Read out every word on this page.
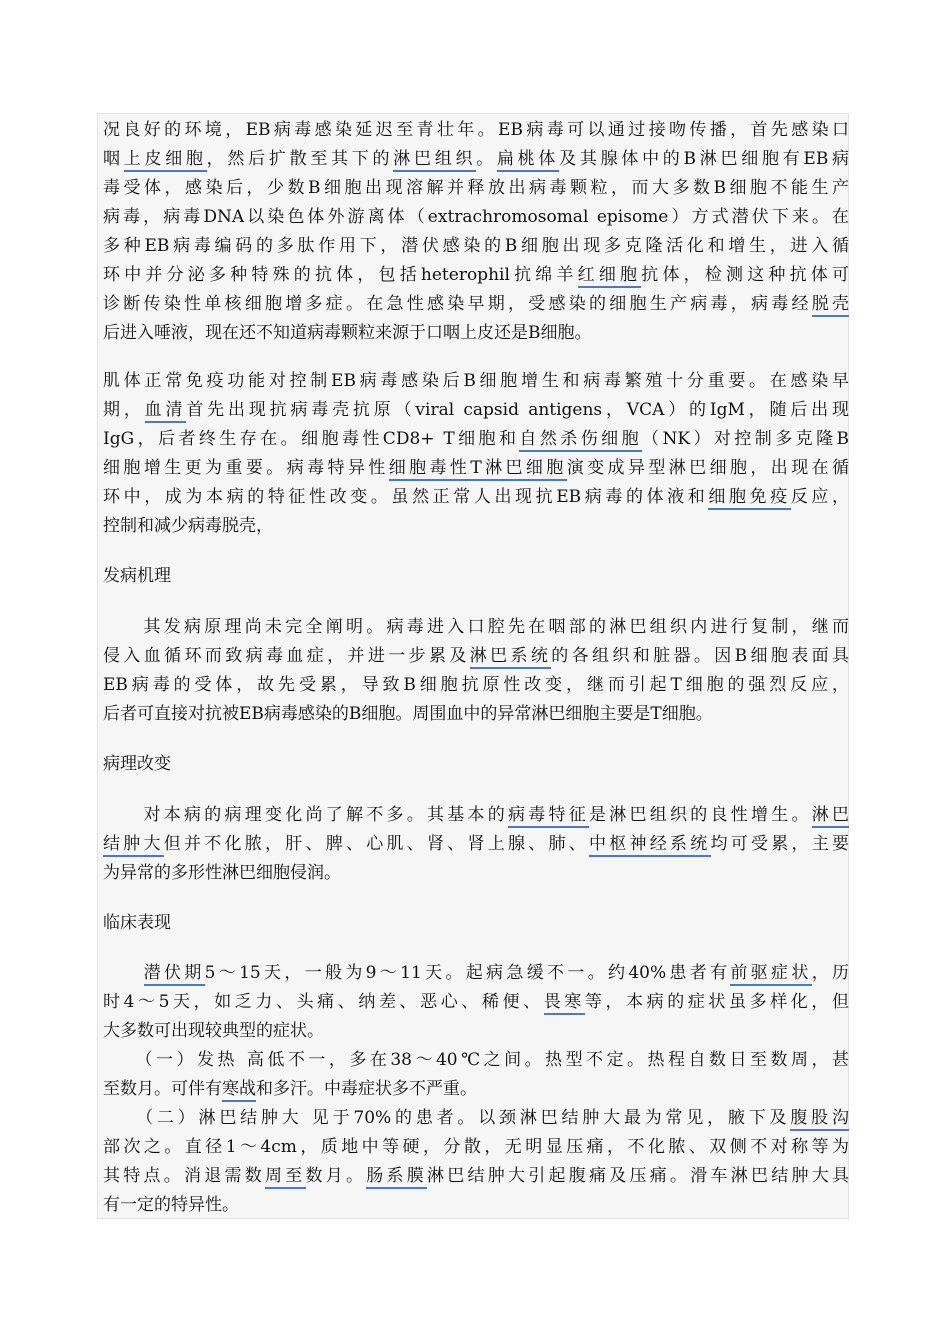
况良好的环境，EB病毒感染延迟至青壮年。EB病毒可以通过接吻传播，首先感染口
咽上皮细胞，然后扩散至其下的淋巴组织。扁桃体及其腺体中的B淋巴细胞有EB病
毒受体，感染后，少数B细胞出现溶解并释放出病毒颗粒，而大多数B细胞不能生产
病毒，病毒DNA以染色体外游离体（extrachromosomal episome）方式潜伏下来。在
多种EB病毒编码的多肽作用下，潜伏感染的B细胞出现多克隆活化和增生，进入循
环中并分泌多种特殊的抗体，包括heterophil抗绵羊红细胞抗体，检测这种抗体可
诊断传染性单核细胞增多症。在急性感染早期，受感染的细胞生产病毒，病毒经脱壳
后进入唾液，现在还不知道病毒颗粒来源于口咽上皮还是B细胞。
肌体正常免疫功能对控制EB病毒感染后B细胞增生和病毒繁殖十分重要。在感染早
期，血清首先出现抗病毒壳抗原（viral capsid antigens，VCA）的IgM，随后出现
IgG，后者终生存在。细胞毒性CD8+ T细胞和自然杀伤细胞（NK）对控制多克隆B
细胞增生更为重要。病毒特异性细胞毒性T淋巴细胞演变成异型淋巴细胞，出现在循
环中，成为本病的特征性改变。虽然正常人出现抗EB病毒的体液和细胞免疫反应，
控制和减少病毒脱壳，
发病机理
　　其发病原理尚未完全阐明。病毒进入口腔先在咽部的淋巴组织内进行复制，继而
侵入血循环而致病毒血症，并进一步累及淋巴系统的各组织和脏器。因B细胞表面具
EB病毒的受体，故先受累，导致B细胞抗原性改变，继而引起T细胞的强烈反应，
后者可直接对抗被EB病毒感染的B细胞。周围血中的异常淋巴细胞主要是T细胞。
病理改变
　　对本病的病理变化尚了解不多。其基本的病毒特征是淋巴组织的良性增生。淋巴
结肿大但并不化脓，肝、脾、心肌、肾、肾上腺、肺、中枢神经系统均可受累，主要
为异常的多形性淋巴细胞侵润。
临床表现
　　潜伏期5～15天，一般为9～11天。起病急缓不一。约40%患者有前驱症状，历
时4～5天，如乏力、头痛、纳差、恶心、稀便、畏寒等，本病的症状虽多样化，但
大多数可出现较典型的症状。
　　（一）发热 高低不一，多在38～40℃之间。热型不定。热程自数日至数周，甚
至数月。可伴有寒战和多汗。中毒症状多不严重。
　　（二）淋巴结肿大 见于70%的患者。以颈淋巴结肿大最为常见，腋下及腹股沟
部次之。直径1～4cm，质地中等硬，分散，无明显压痛，不化脓、双侧不对称等为
其特点。消退需数周至数月。肠系膜淋巴结肿大引起腹痛及压痛。滑车淋巴结肿大具
有一定的特异性。
